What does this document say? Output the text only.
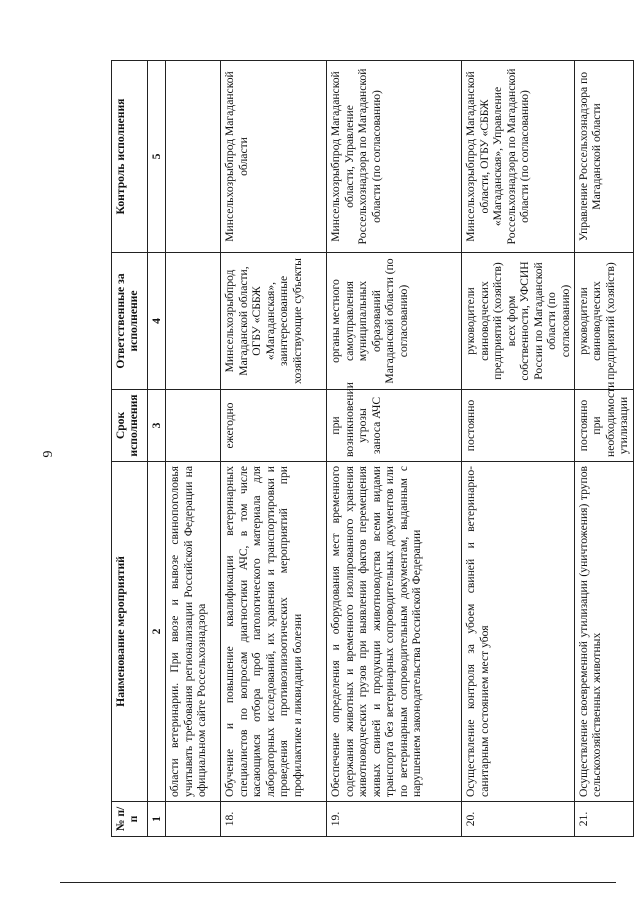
6
№ п/п	Наименование мероприятий	Срок исполнения	Ответственные за исполнение	Контроль исполнения
1	2	3	4	5
	области ветеринарии. При ввозе и вывозе свинопоголовья учитывать требования регионализации Российской Федерации на официальном сайте Россельхознадзора			
18.	Обучение и повышение квалификации ветеринарных специалистов по вопросам диагностики АЧС, в том числе касающимся отбора проб патологического материала для лабораторных исследований, их хранения и транспортировки и проведения противоэпизоотических мероприятий при профилактике и ликвидации болезни	ежегодно	Минсельхозрыбпрод Магаданской области, ОГБУ «СББЖ «Магаданская», заинтересованные хозяйствующие субъекты	Минсельхозрыбпрод Магаданской области
19.	Обеспечение определения и оборудования мест временного содержания животных и временного изолированного хранения животноводческих грузов при выявлении фактов перемещения живых свиней и продукции животноводства всеми видами транспорта без ветеринарных сопроводительных документов или по ветеринарным сопроводительным документам, выданным с нарушением законодательства Российской Федерации	при возникновении угрозы заноса АЧС	органы местного самоуправления муниципальных образований Магаданской области (по согласованию)	Минсельхозрыбпрод Магаданской области, Управление Россельхознадзора по Магаданской области (по согласованию)
20.	Осуществление контроля за убоем свиней и ветеринарно-санитарным состоянием мест убоя	постоянно	руководители свиноводческих предприятий (хозяйств) всех форм собственности, УФСИН России по Магаданской области (по согласованию)	Минсельхозрыбпрод Магаданской области, ОГБУ «СББЖ «Магаданская», Управление Россельхознадзора по Магаданской области (по согласованию)
21.	Осуществление своевременной утилизации (уничтожения) трупов сельскохозяйственных животных	постоянно при необходимости утилизации	руководители свиноводческих предприятий (хозяйств)	Управление Россельхознадзора по Магаданской области
